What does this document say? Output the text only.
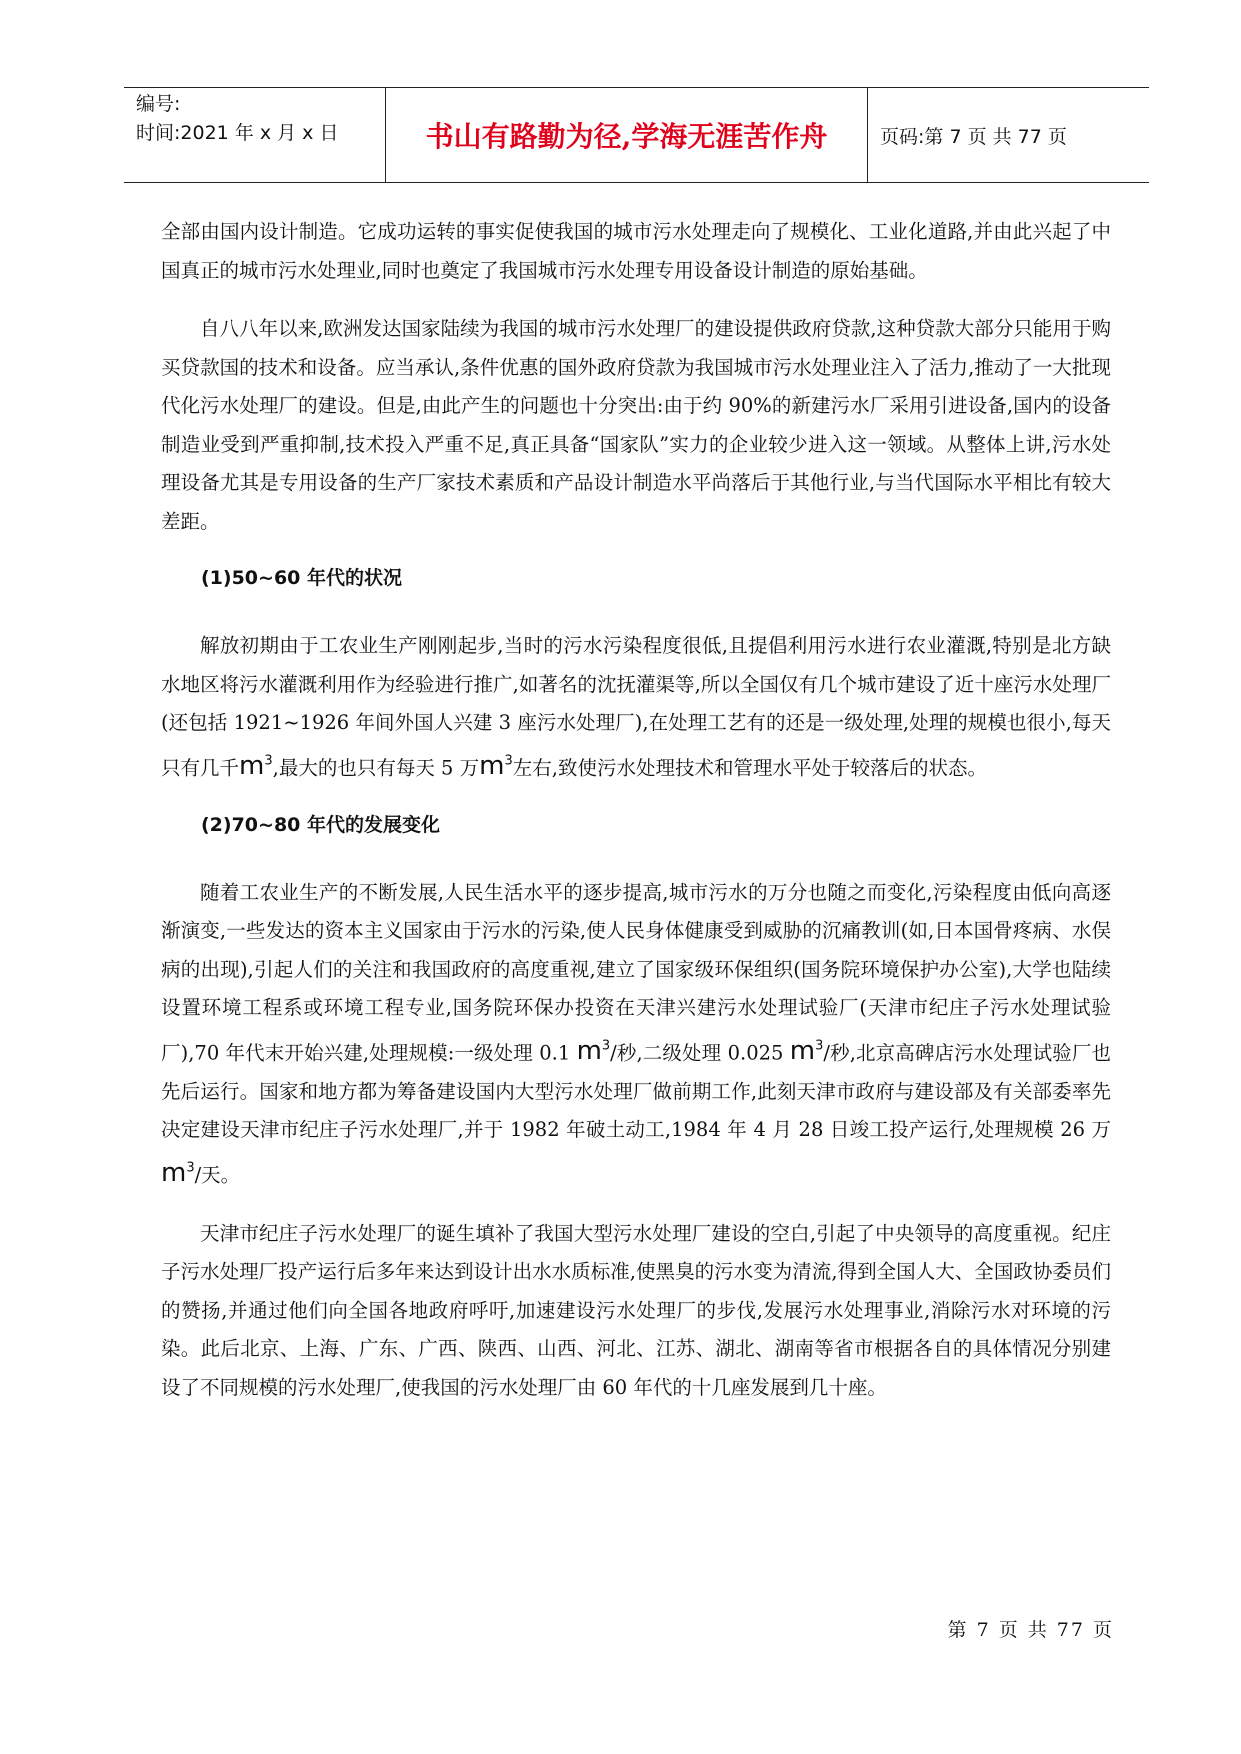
编号:
时间:2021 年 x 月 x 日	书山有路勤为径,学海无涯苦作舟	页码:第 7 页 共 77 页

全部由国内设计制造。它成功运转的事实促使我国的城市污水处理走向了规模化、工业化道路,并由此兴起了中国真正的城市污水处理业,同时也奠定了我国城市污水处理专用设备设计制造的原始基础。

自八八年以来,欧洲发达国家陆续为我国的城市污水处理厂的建设提供政府贷款,这种贷款大部分只能用于购买贷款国的技术和设备。应当承认,条件优惠的国外政府贷款为我国城市污水处理业注入了活力,推动了一大批现代化污水处理厂的建设。但是,由此产生的问题也十分突出:由于约 90%的新建污水厂采用引进设备,国内的设备制造业受到严重抑制,技术投入严重不足,真正具备“国家队”实力的企业较少进入这一领域。从整体上讲,污水处理设备尤其是专用设备的生产厂家技术素质和产品设计制造水平尚落后于其他行业,与当代国际水平相比有较大差距。

(1)50~60 年代的状况

解放初期由于工农业生产刚刚起步,当时的污水污染程度很低,且提倡利用污水进行农业灌溉,特别是北方缺水地区将污水灌溉利用作为经验进行推广,如著名的沈抚灌渠等,所以全国仅有几个城市建设了近十座污水处理厂(还包括 1921~1926 年间外国人兴建 3 座污水处理厂),在处理工艺有的还是一级处理,处理的规模也很小,每天只有几千$m^3$,最大的也只有每天 5 万$m^3$左右,致使污水处理技术和管理水平处于较落后的状态。

(2)70~80 年代的发展变化

随着工农业生产的不断发展,人民生活水平的逐步提高,城市污水的万分也随之而变化,污染程度由低向高逐渐演变,一些发达的资本主义国家由于污水的污染,使人民身体健康受到威胁的沉痛教训(如,日本国骨疼病、水俣病的出现),引起人们的关注和我国政府的高度重视,建立了国家级环保组织(国务院环境保护办公室),大学也陆续设置环境工程系或环境工程专业,国务院环保办投资在天津兴建污水处理试验厂(天津市纪庄子污水处理试验厂),70 年代末开始兴建,处理规模:一级处理 0.1 $m^3/$秒,二级处理 0.025 $m^3/$秒,北京高碑店污水处理试验厂也先后运行。国家和地方都为筹备建设国内大型污水处理厂做前期工作,此刻天津市政府与建设部及有关部委率先决定建设天津市纪庄子污水处理厂,并于 1982 年破土动工,1984 年 4 月 28 日竣工投产运行,处理规模 26 万 $m^3/$天。

天津市纪庄子污水处理厂的诞生填补了我国大型污水处理厂建设的空白,引起了中央领导的高度重视。纪庄子污水处理厂投产运行后多年来达到设计出水水质标准,使黑臭的污水变为清流,得到全国人大、全国政协委员们的赞扬,并通过他们向全国各地政府呼吁,加速建设污水处理厂的步伐,发展污水处理事业,消除污水对环境的污染。此后北京、上海、广东、广西、陕西、山西、河北、江苏、湖北、湖南等省市根据各自的具体情况分别建设了不同规模的污水处理厂,使我国的污水处理厂由 60 年代的十几座发展到几十座。

第 7 页 共 77 页
